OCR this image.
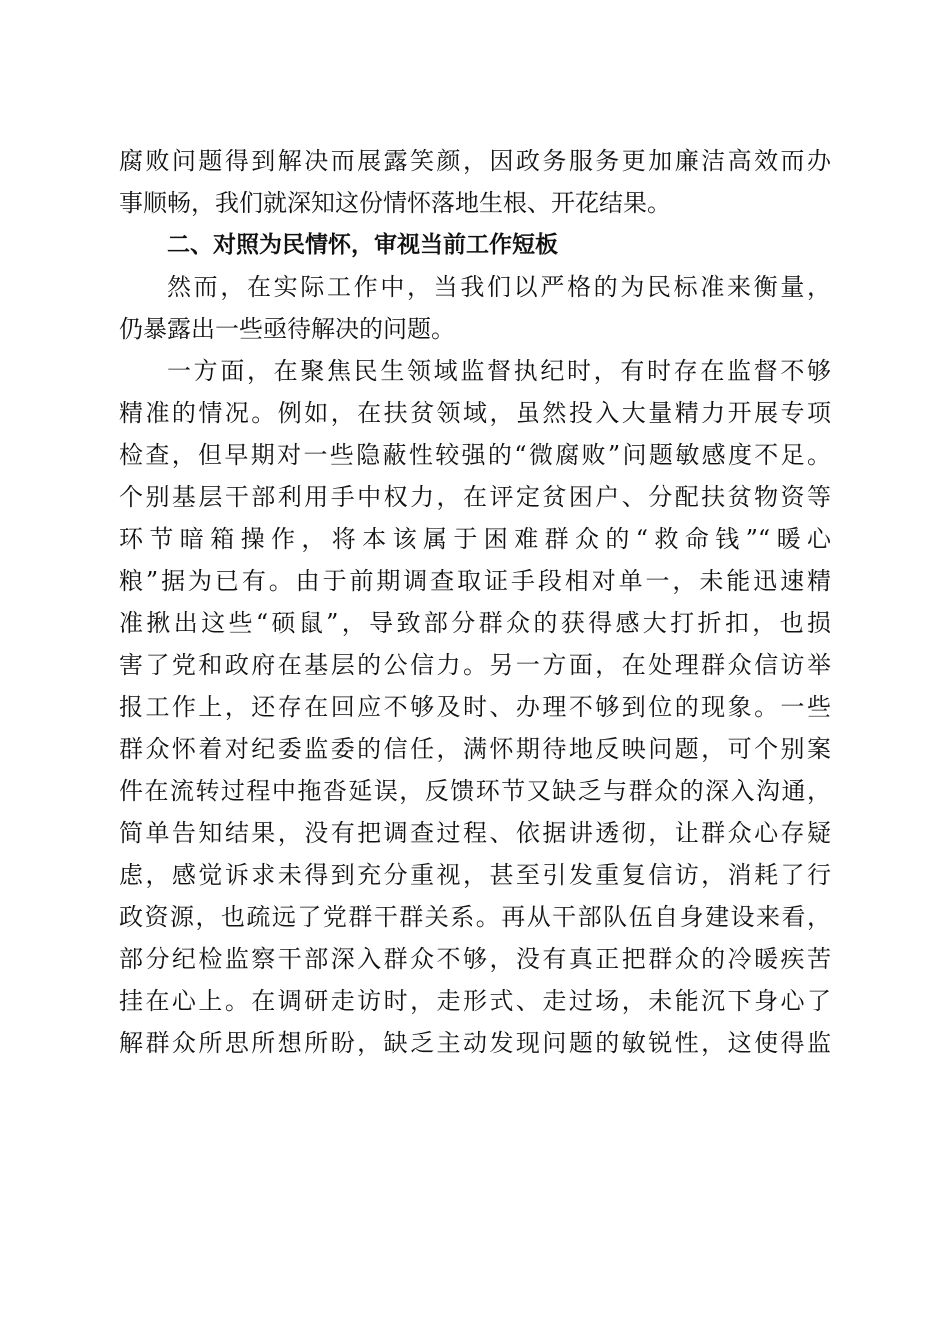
腐败问题得到解决而展露笑颜，因政务服务更加廉洁高效而办
事顺畅，我们就深知这份情怀落地生根、开花结果。
二、对照为民情怀，审视当前工作短板
然而，在实际工作中，当我们以严格的为民标准来衡量，
仍暴露出一些亟待解决的问题。
一方面，在聚焦民生领域监督执纪时，有时存在监督不够
精准的情况。例如，在扶贫领域，虽然投入大量精力开展专项
检查，但早期对一些隐蔽性较强的“微腐败”问题敏感度不足。
个别基层干部利用手中权力，在评定贫困户、分配扶贫物资等
环节暗箱操作，将本该属于困难群众的“救命钱”“暖心
粮”据为已有。由于前期调查取证手段相对单一，未能迅速精
准揪出这些“硕鼠”，导致部分群众的获得感大打折扣，也损
害了党和政府在基层的公信力。另一方面，在处理群众信访举
报工作上，还存在回应不够及时、办理不够到位的现象。一些
群众怀着对纪委监委的信任，满怀期待地反映问题，可个别案
件在流转过程中拖沓延误，反馈环节又缺乏与群众的深入沟通，
简单告知结果，没有把调查过程、依据讲透彻，让群众心存疑
虑，感觉诉求未得到充分重视，甚至引发重复信访，消耗了行
政资源，也疏远了党群干群关系。再从干部队伍自身建设来看，
部分纪检监察干部深入群众不够，没有真正把群众的冷暖疾苦
挂在心上。在调研走访时，走形式、走过场，未能沉下身心了
解群众所思所想所盼，缺乏主动发现问题的敏锐性，这使得监
